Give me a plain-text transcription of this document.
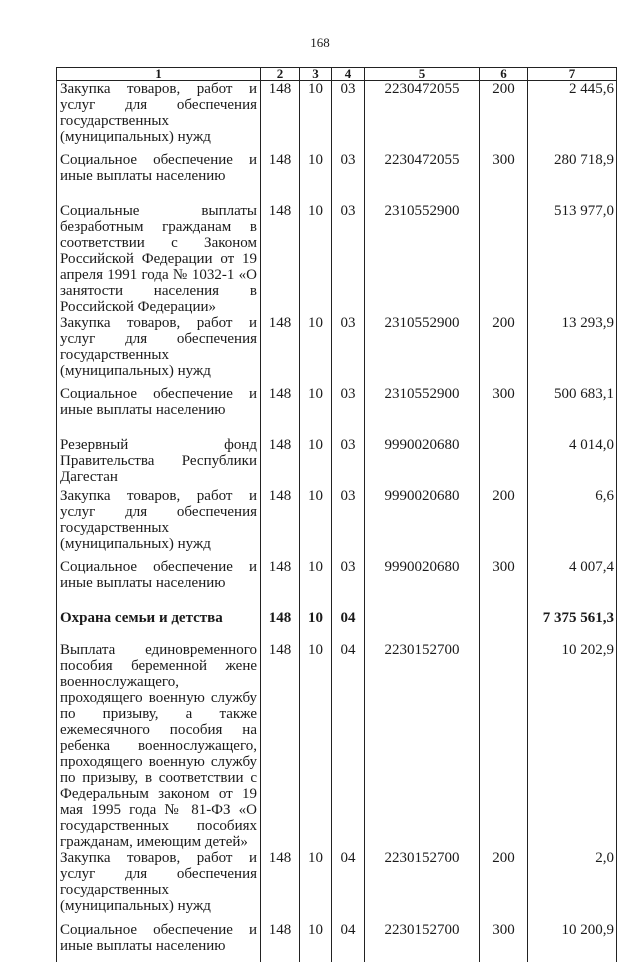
168
1	2	3	4	5	6	7
Закупка товаров, работ и услуг для обеспечения государственных (муниципальных) нужд	148	10	03	2230472055	200	2 445,6
Социальное обеспечение и иные выплаты населению	148	10	03	2230472055	300	280 718,9
Социальные выплаты безработным гражданам в соответствии с Законом Российской Федерации от 19 апреля 1991 года № 1032-1 «О занятости населения в Российской Федерации»	148	10	03	2310552900		513 977,0
Закупка товаров, работ и услуг для обеспечения государственных (муниципальных) нужд	148	10	03	2310552900	200	13 293,9
Социальное обеспечение и иные выплаты населению	148	10	03	2310552900	300	500 683,1
Резервный фонд Правительства Республики Дагестан	148	10	03	9990020680		4 014,0
Закупка товаров, работ и услуг для обеспечения государственных (муниципальных) нужд	148	10	03	9990020680	200	6,6
Социальное обеспечение и иные выплаты населению	148	10	03	9990020680	300	4 007,4
Охрана семьи и детства	148	10	04			7 375 561,3
Выплата единовременного пособия беременной жене военнослужащего, проходящего военную службу по призыву, а также ежемесячного пособия на ребенка военнослужащего, проходящего военную службу по призыву, в соответствии с Федеральным законом от 19 мая 1995 года № 81-ФЗ «О государственных пособиях гражданам, имеющим детей»	148	10	04	2230152700		10 202,9
Закупка товаров, работ и услуг для обеспечения государственных (муниципальных) нужд	148	10	04	2230152700	200	2,0
Социальное обеспечение и иные выплаты населению	148	10	04	2230152700	300	10 200,9
